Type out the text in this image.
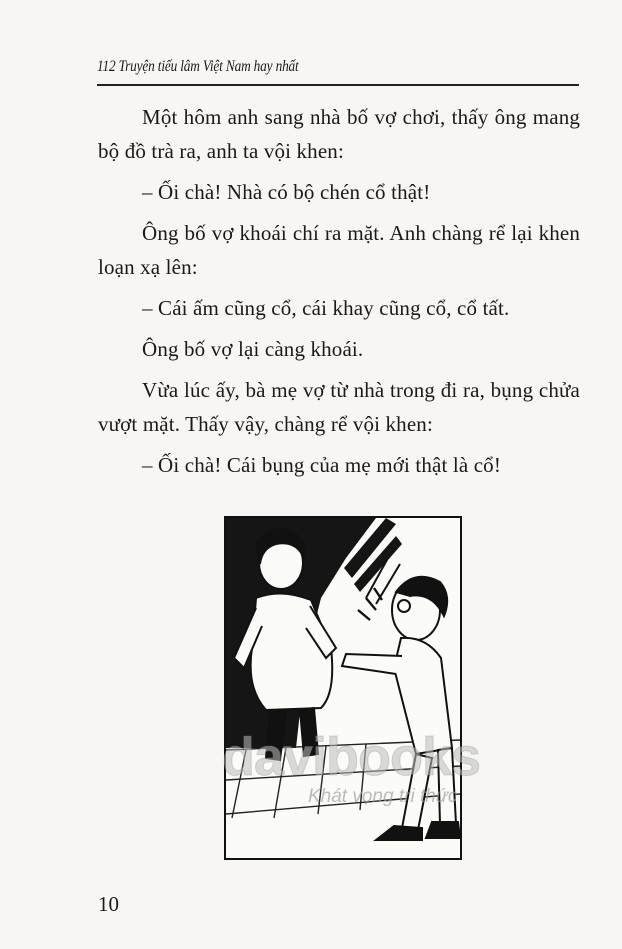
112 Truyện tiếu lâm Việt Nam hay nhất

Một hôm anh sang nhà bố vợ chơi, thấy ông mang bộ đồ trà ra, anh ta vội khen:

– Ối chà! Nhà có bộ chén cổ thật!

Ông bố vợ khoái chí ra mặt. Anh chàng rể lại khen loạn xạ lên:

– Cái ấm cũng cổ, cái khay cũng cổ, cổ tất.

Ông bố vợ lại càng khoái.

Vừa lúc ấy, bà mẹ vợ từ nhà trong đi ra, bụng chửa vượt mặt. Thấy vậy, chàng rể vội khen:

– Ối chà! Cái bụng của mẹ mới thật là cổ!

davibooks
Khát vọng tri thức
10
